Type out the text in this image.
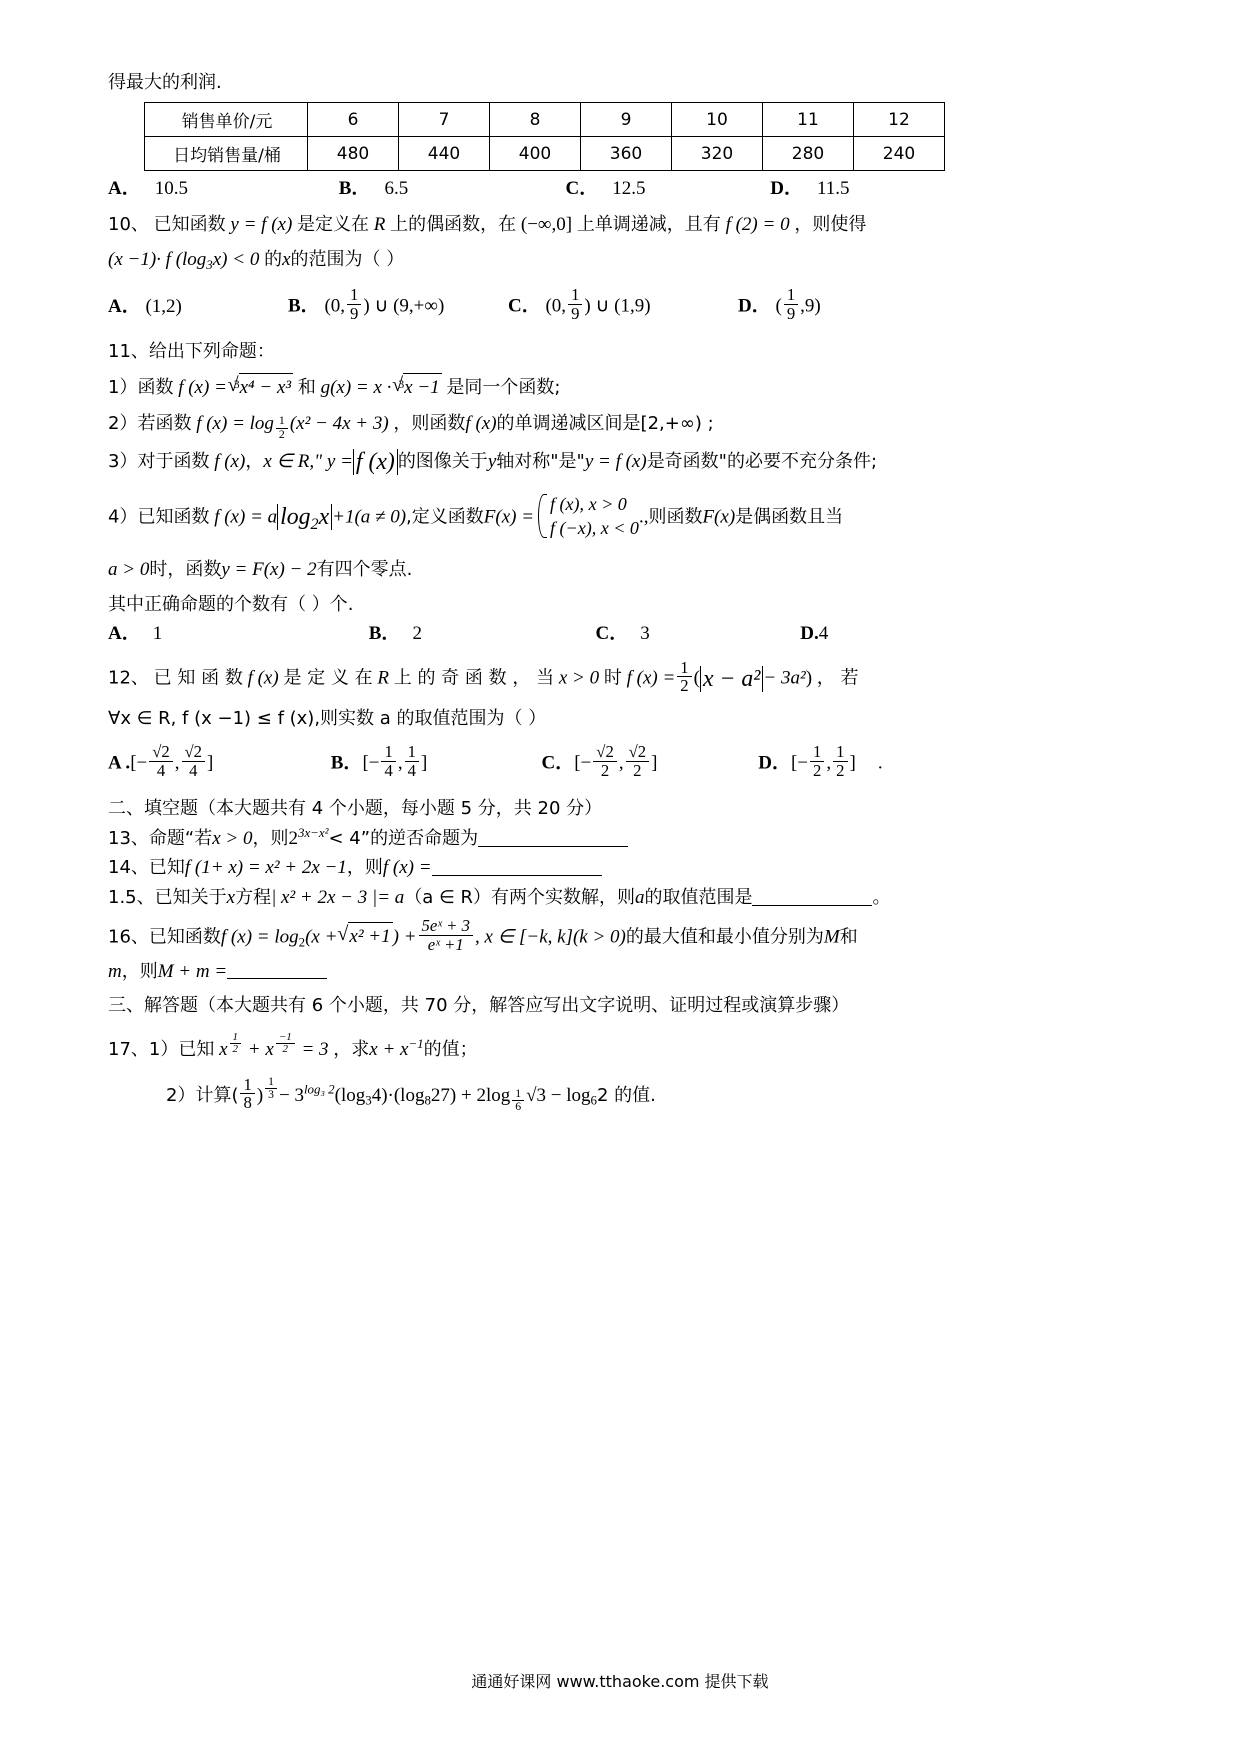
得最大的利润.
销售单价/元	6	7	8	9	10	11	12
日均销售量/桶	480	440	400	360	320	280	240
A． 10.5	B． 6.5	C． 12.5	D． 11.5
10、 已知函数 y = f (x) 是定义在 R 上的偶函数，在 (−∞,0] 上单调递减，且有 f (2) = 0 ，则使得
(x −1)· f $(\log_3x) < 0$ 的x的范围为（ ）
A． (1,2)	B． (0, $\frac{1}{9}$ ) ∪ (9,+∞)	C． (0, $\frac{1}{9}$ ) ∪ (1,9)	D． ( $\frac{1}{9} ,9$)
11、给出下列命题：
1）函数 f (x) = $^3$√ x⁴ − x³ 和 g(x) = x · $^3$√ x −1 是同一个函数;
2）若函数 f $(x) = \log \frac{1}{2} (x^2 - 4x + 3)$ ，则函数f (x)的单调递减区间是[2,+∞) ;
3）对于函数 f (x)，x ∈ R," y = f (x) 的图像关于y轴对称"是"y = f (x)是奇函数"的必要不充分条件;
4）已知函数 f (x) = a $\log_2x +1(a \ne 0)$,定义函数F(x) =
f (x), x > 0
f (−x), x < 0
.,则函数F(x)是偶函数且当
a > 0时，函数y = F(x) − 2有四个零点.
其中正确命题的个数有（ ）个.
A． 1	B． 2	C． 3	D.4
12、 已 知 函 数 f (x) 是 定 义 在 R 上 的 奇 函 数 ， 当 x > 0 时 f $(x) = \frac{1}{2}$ ( x − a² − 3a²) ， 若
∀x ∈ R, f (x −1) ≤ f (x),则实数 a 的取值范围为（ ）
A .[− $\frac{√2}{4}$ , $\frac{√2}{4}$ ]	B．[− $\frac{1}{4}$ , $\frac{1}{4}$ ]	C．[− $\frac{√2}{2}$ , $\frac{√2}{2}$ ]	D．[− $\frac{1}{2}$ , $\frac{1}{2}$ ] .
二、填空题（本大题共有 4 个小题，每小题 5 分，共 20 分）
13、命题“若x > 0，则$2^{3x-x^2}< 4$”的逆否命题为
14、已知f (1+ x) = x² + 2x −1，则f (x) =
1.5、已知关于x方程| x² + 2x − 3 |= a（a ∈ R）有两个实数解，则a的取值范围是	。
16、已知函数f $(x) = \log_2(x$ + √ x² +1 ) + $\frac{\text{5eˣ + 3}}{\text{eˣ +1}}$ , x ∈ [−k, k](k > 0)的最大值和最小值分别为M和
m，则M + m =
三、解答题（本大题共有 6 个小题，共 70 分，解答应写出文字说明、证明过程或演算步骤）
17、1）已知 x $^{\frac{1}{2}}$ + x $^{\frac{-1}{2}}$ = 3 ，求$x + x^{-1}$的值；
2）计算( $\frac{1}{8}$ ) $^{\frac{1}{3}} - 3^{log_3 2}(\log_34)\cdot(\log_827) + 2\log \frac{1}{6} √3 - \log_62$ 的值.
通通好课网 www.tthaoke.com 提供下载
